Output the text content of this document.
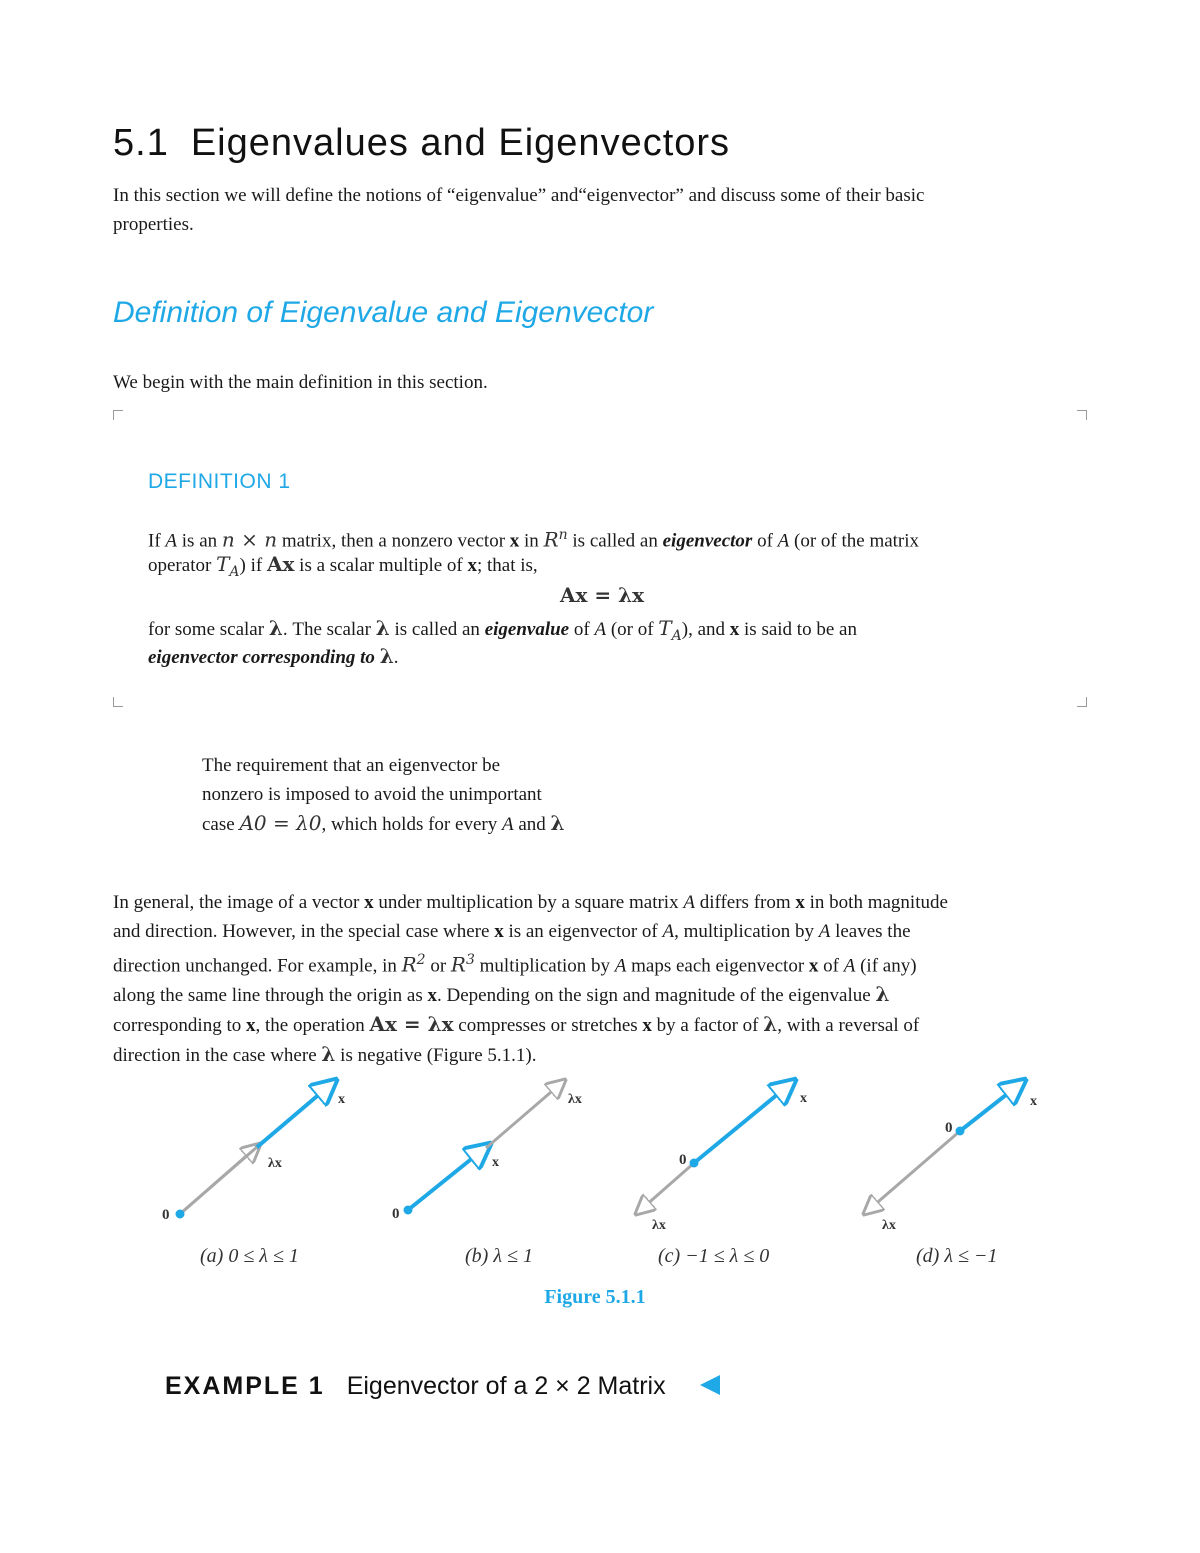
5.1 Eigenvalues and Eigenvectors
In this section we will define the notions of “eigenvalue” and“eigenvector” and discuss some of their basic
properties.
Definition of Eigenvalue and Eigenvector
We begin with the main definition in this section.
DEFINITION 1
If A is an n × n matrix, then a nonzero vector x in $R^n$ is called an eigenvector of A (or of the matrix
operator $T_A$) if Ax is a scalar multiple of x; that is,
Ax = λx
for some scalar λ. The scalar λ is called an eigenvalue of A (or of $T_A$), and x is said to be an
eigenvector corresponding to λ.
The requirement that an eigenvector be
nonzero is imposed to avoid the unimportant
case A0 = λ0, which holds for every A and λ
In general, the image of a vector x under multiplication by a square matrix A differs from x in both magnitude
and direction. However, in the special case where x is an eigenvector of A, multiplication by A leaves the
direction unchanged. For example, in $R^2$ or $R^3$ multiplication by A maps each eigenvector x of A (if any)
along the same line through the origin as x. Depending on the sign and magnitude of the eigenvalue λ
corresponding to x, the operation Ax = λx compresses or stretches x by a factor of λ, with a reversal of
direction in the case where λ is negative (Figure 5.1.1).
0
x
λx
(a) 0 ≤ λ ≤ 1
0
x
λx
(b) λ ≤ 1
0
x
λx
(c) −1 ≤ λ ≤ 0
0
x
λx
(d) λ ≤ −1
Figure 5.1.1
EXAMPLE 1 Eigenvector of a 2 × 2 Matrix
